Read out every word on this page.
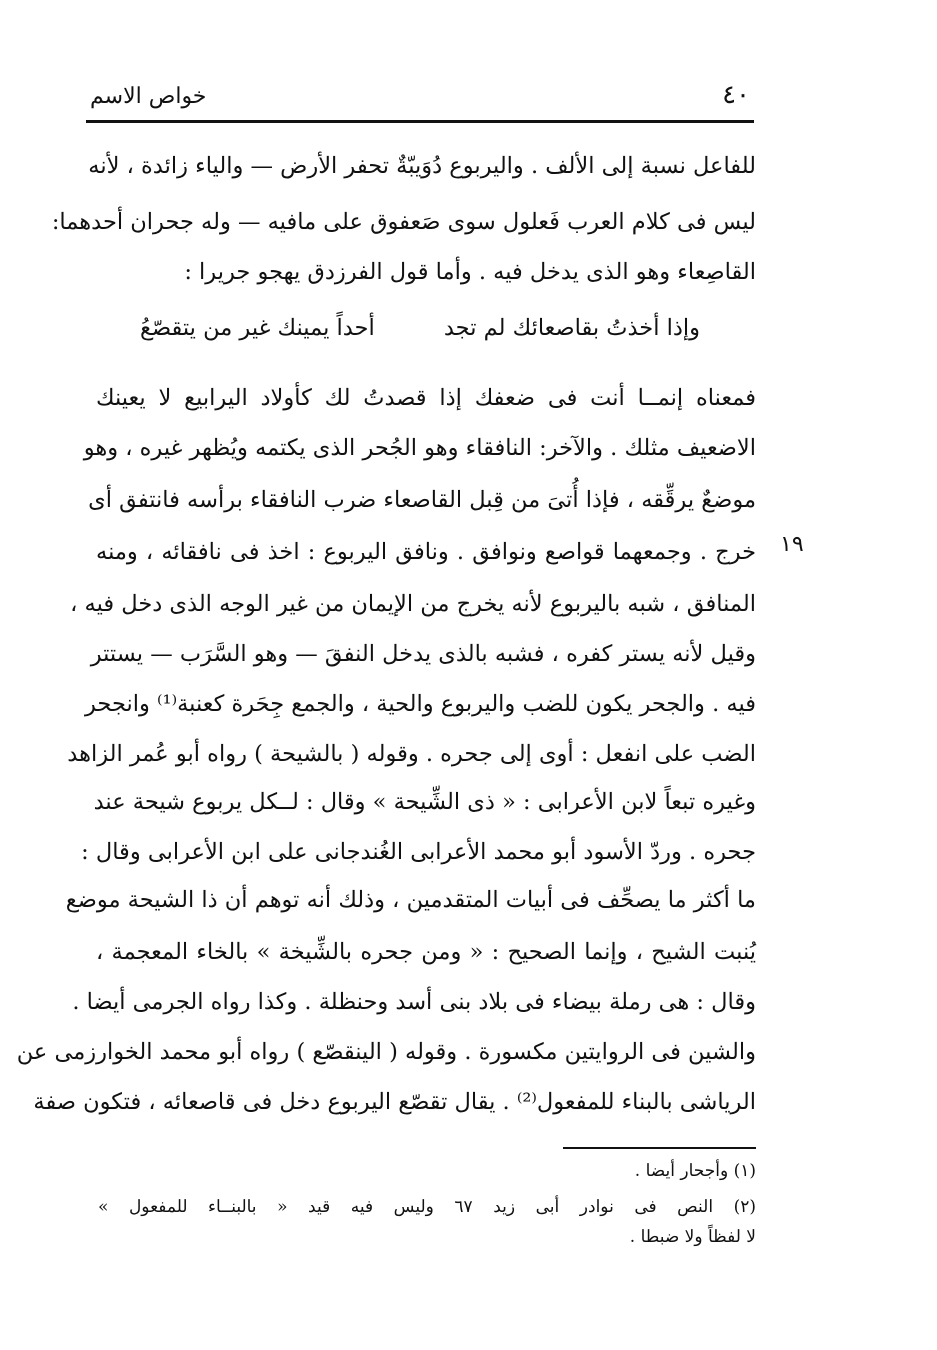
خواص الاسم	٤٠
للفاعل نسبة إلى الألف . واليربوع دُوَيبّةٌ تحفر الأرض — والياء زائدة ، لأنه
ليس فى كلام العرب فَعلول سوى صَعفوق على مافيه — وله جحران أحدهما:
القاصِعاء وهو الذى يدخل فيه . وأما قول الفرزدق يهجو جريرا :
وإذا أخذتُ بقاصعائك لم تجد
أحداً يمينك غير من يتقصّعُ
فمعناه إنمــا أنت فى ضعفك إذا قصدتُ لك كأولاد اليرابيع لا يعينك
الاضعيف مثلك . والآخر: النافقاء وهو الجُحر الذى يكتمه ويُظهر غيره ، وهو
موضعٌ يرقِّقه ، فإذا أُتىَ من قِبل القاصعاء ضرب النافقاء برأسه فانتفق أى
خرج . وجمعهما قواصع ونوافق . ونافق اليربوع : اخذ فى نافقائه ، ومنه
المنافق ، شبه باليربوع لأنه يخرج من الإيمان من غير الوجه الذى دخل فيه ،
وقيل لأنه يستر كفره ، فشبه بالذى يدخل النفقَ — وهو السَّرَب — يستتر
فيه . والجحر يكون للضب واليربوع والحية ، والجمع جِحَرة كعنبة⁽¹⁾ وانجحر
الضب على انفعل : أوى إلى جحره . وقوله ( بالشيحة ) رواه أبو عُمر الزاهد
وغيره تبعاً لابن الأعرابى : « ذى الشِّيحة » وقال : لــكل يربوع شيحة عند
جحره . وردّ الأسود أبو محمد الأعرابى الغُندجانى على ابن الأعرابى وقال :
ما أكثر ما يصحِّف فى أبيات المتقدمين ، وذلك أنه توهم أن ذا الشيحة موضع
يُنبت الشيح ، وإنما الصحيح : « ومن جحره بالشِّيخة » بالخاء المعجمة ،
وقال : هى رملة بيضاء فى بلاد بنى أسد وحنظلة . وكذا رواه الجرمى أيضا .
والشين فى الروايتين مكسورة . وقوله ( الينقصّع ) رواه أبو محمد الخوارزمى عن
الرياشى بالبناء للمفعول⁽²⁾ . يقال تقصّع اليربوع دخل فى قاصعائه ، فتكون صفة
١٩
(١) وأجحار أيضا .
(٢) النص فى نوادر أبى زيد ٦٧ وليس فيه قيد « بالبنــاء للمفعول »
لا لفظاً ولا ضبطا .
